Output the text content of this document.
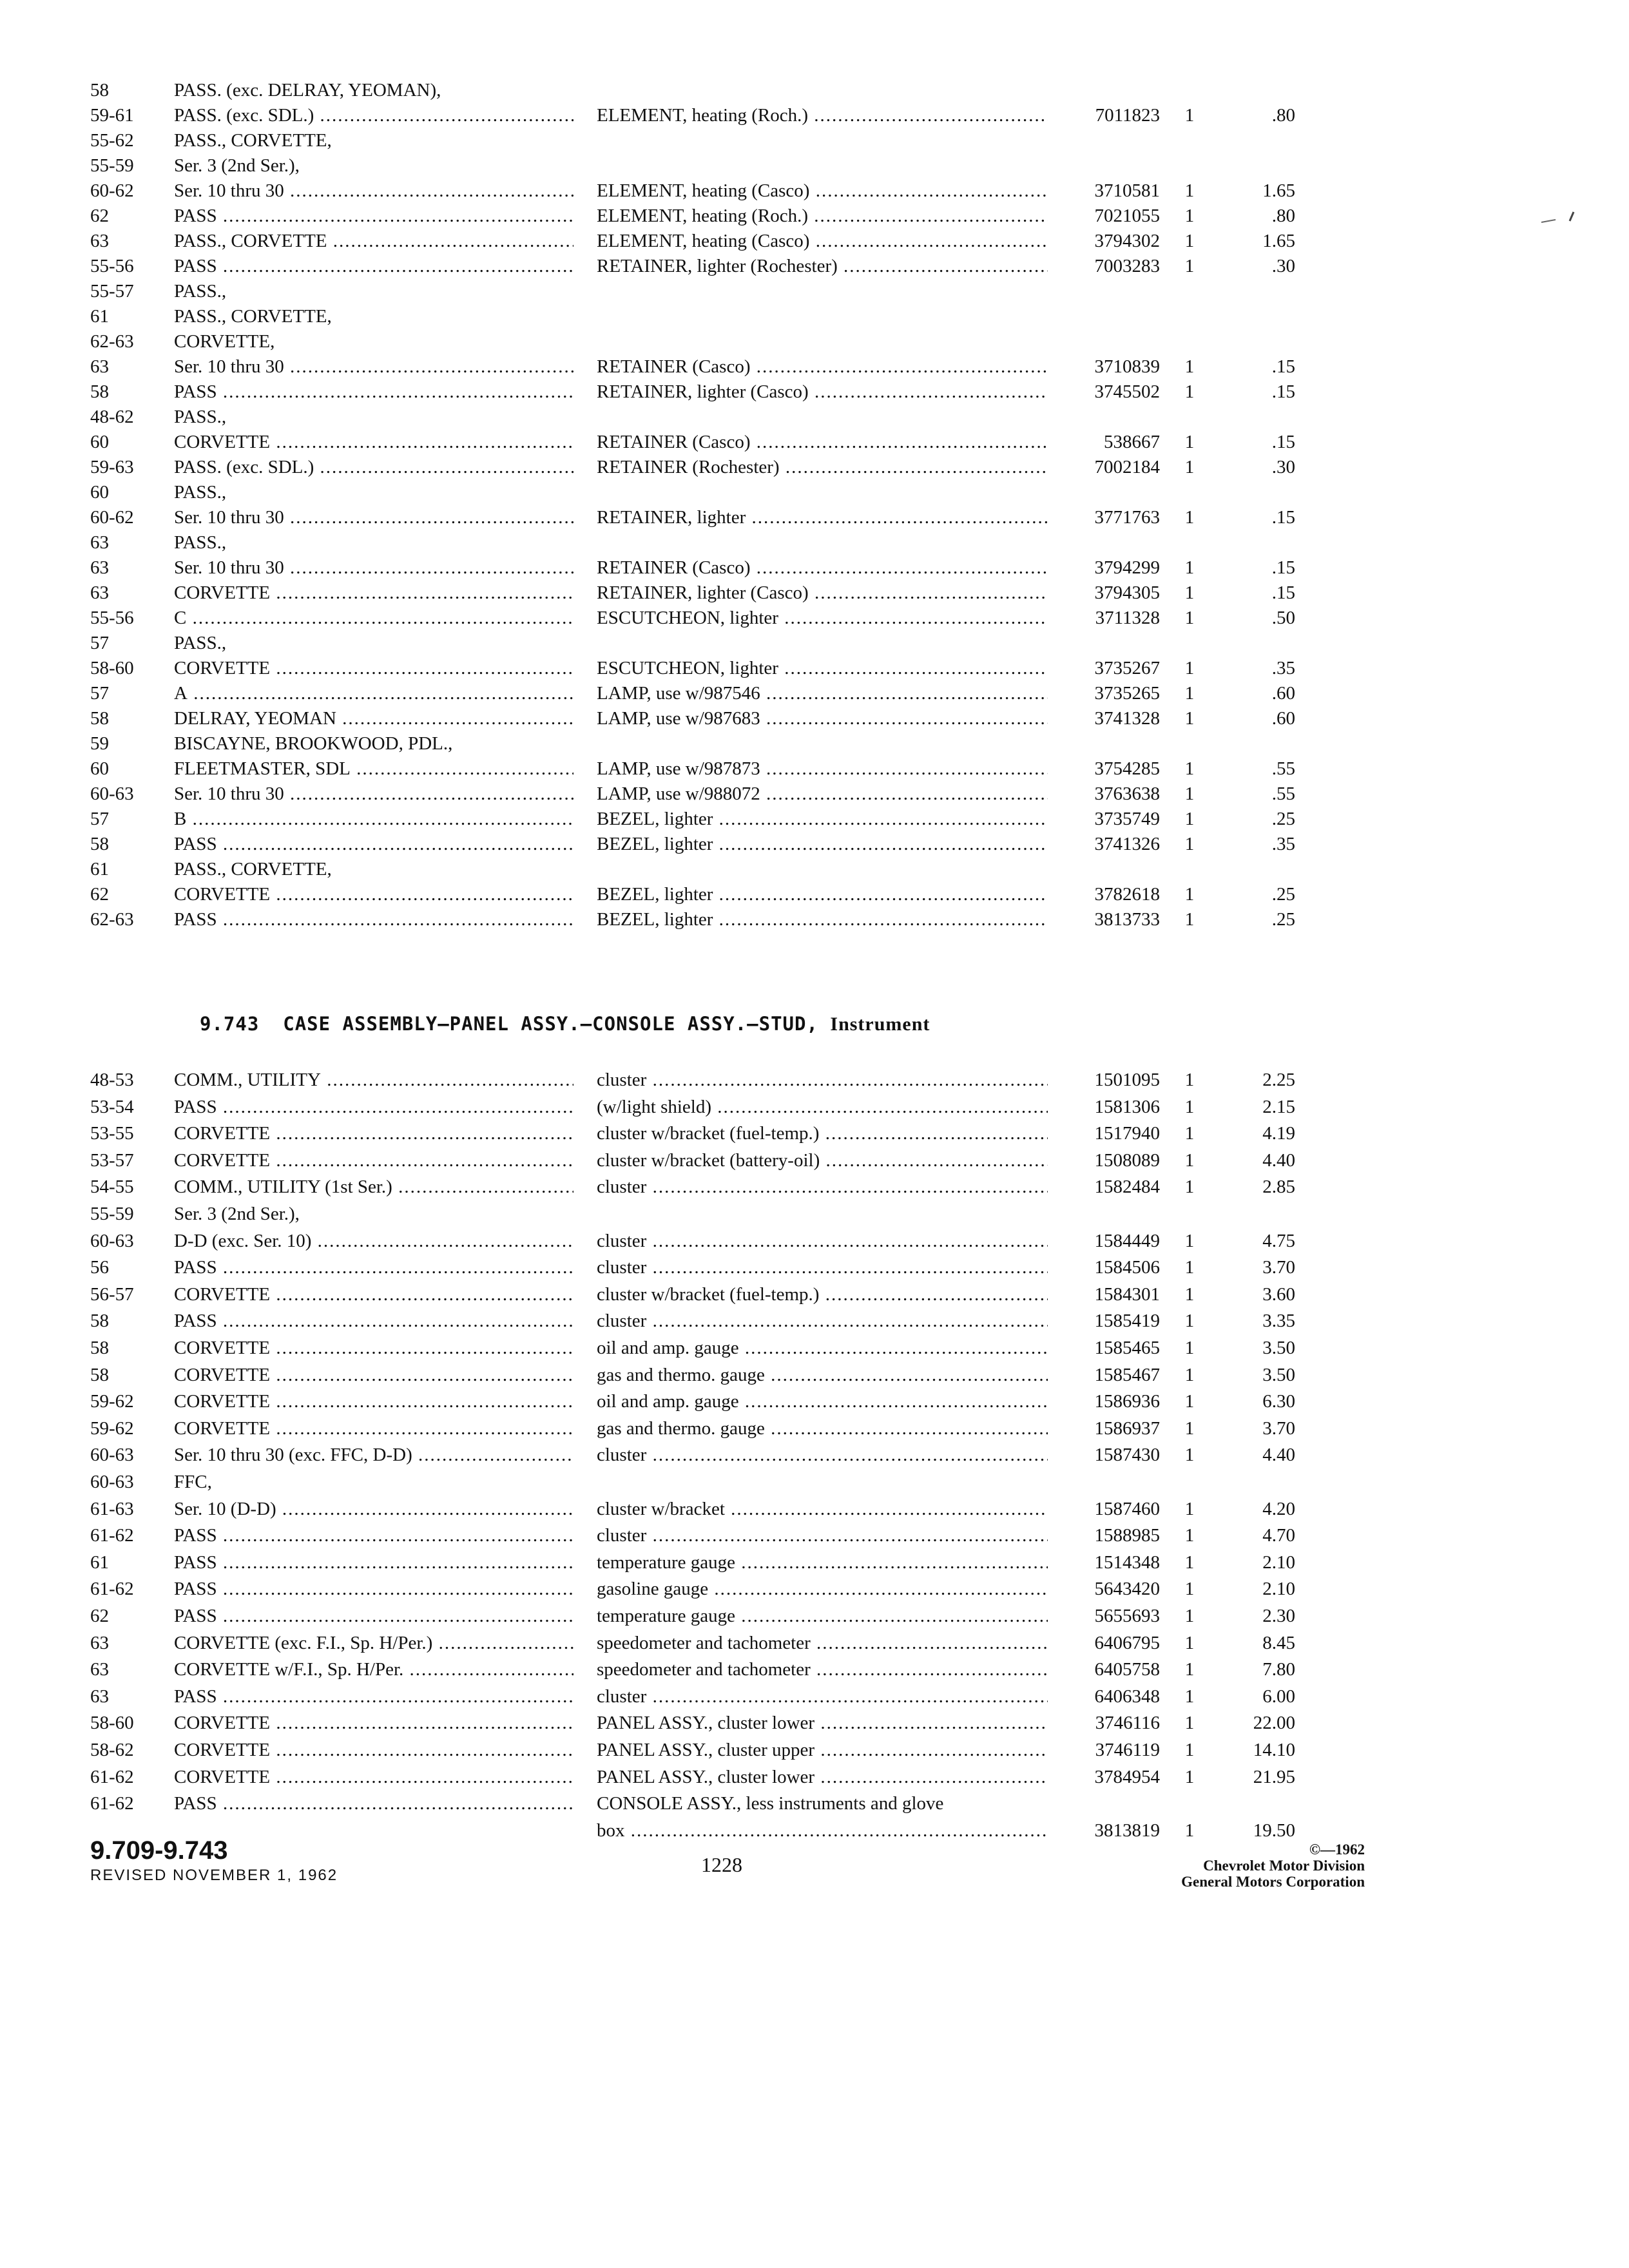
58	PASS. (exc. DELRAY, YEOMAN),
59-61	PASS. (exc. SDL.) .....	ELEMENT, heating (Roch.) .....	7011823	1	.80
55-62	PASS., CORVETTE,
55-59	Ser. 3 (2nd Ser.),
60-62	Ser. 10 thru 30 .....	ELEMENT, heating (Casco) .....	3710581	1	1.65
62	PASS .....	ELEMENT, heating (Roch.) .....	7021055	1	.80
63	PASS., CORVETTE .....	ELEMENT, heating (Casco) .....	3794302	1	1.65
55-56	PASS .....	RETAINER, lighter (Rochester) .....	7003283	1	.30
55-57	PASS.,
61	PASS., CORVETTE,
62-63	CORVETTE,
63	Ser. 10 thru 30 .....	RETAINER (Casco) .....	3710839	1	.15
58	PASS .....	RETAINER, lighter (Casco) .....	3745502	1	.15
48-62	PASS.,
60	CORVETTE .....	RETAINER (Casco) .....	538667	1	.15
59-63	PASS. (exc. SDL.) .....	RETAINER (Rochester) .....	7002184	1	.30
60	PASS.,
60-62	Ser. 10 thru 30 .....	RETAINER, lighter .....	3771763	1	.15
63	PASS.,
63	Ser. 10 thru 30 .....	RETAINER (Casco) .....	3794299	1	.15
63	CORVETTE .....	RETAINER, lighter (Casco) .....	3794305	1	.15
55-56	C .....	ESCUTCHEON, lighter .....	3711328	1	.50
57	PASS.,
58-60	CORVETTE .....	ESCUTCHEON, lighter .....	3735267	1	.35
57	A .....	LAMP, use w/987546 .....	3735265	1	.60
58	DELRAY, YEOMAN .....	LAMP, use w/987683 .....	3741328	1	.60
59	BISCAYNE, BROOKWOOD, PDL.,
60	FLEETMASTER, SDL .....	LAMP, use w/987873 .....	3754285	1	.55
60-63	Ser. 10 thru 30 .....	LAMP, use w/988072 .....	3763638	1	.55
57	B .....	BEZEL, lighter .....	3735749	1	.25
58	PASS .....	BEZEL, lighter .....	3741326	1	.35
61	PASS., CORVETTE,
62	CORVETTE .....	BEZEL, lighter .....	3782618	1	.25
62-63	PASS .....	BEZEL, lighter .....	3813733	1	.25
9.743 CASE ASSEMBLY—PANEL ASSY.—CONSOLE ASSY.—STUD, Instrument
48-53	COMM., UTILITY .....	cluster .....	1501095	1	2.25
53-54	PASS .....	(w/light shield) .....	1581306	1	2.15
53-55	CORVETTE .....	cluster w/bracket (fuel-temp.) .....	1517940	1	4.19
53-57	CORVETTE .....	cluster w/bracket (battery-oil) .....	1508089	1	4.40
54-55	COMM., UTILITY (1st Ser.) .....	cluster .....	1582484	1	2.85
55-59	Ser. 3 (2nd Ser.),
60-63	D-D (exc. Ser. 10) .....	cluster .....	1584449	1	4.75
56	PASS .....	cluster .....	1584506	1	3.70
56-57	CORVETTE .....	cluster w/bracket (fuel-temp.) .....	1584301	1	3.60
58	PASS .....	cluster .....	1585419	1	3.35
58	CORVETTE .....	oil and amp. gauge .....	1585465	1	3.50
58	CORVETTE .....	gas and thermo. gauge .....	1585467	1	3.50
59-62	CORVETTE .....	oil and amp. gauge .....	1586936	1	6.30
59-62	CORVETTE .....	gas and thermo. gauge .....	1586937	1	3.70
60-63	Ser. 10 thru 30 (exc. FFC, D-D) .....	cluster .....	1587430	1	4.40
60-63	FFC,
61-63	Ser. 10 (D-D) .....	cluster w/bracket .....	1587460	1	4.20
61-62	PASS .....	cluster .....	1588985	1	4.70
61	PASS .....	temperature gauge .....	1514348	1	2.10
61-62	PASS .....	gasoline gauge .....	5643420	1	2.10
62	PASS .....	temperature gauge .....	5655693	1	2.30
63	CORVETTE (exc. F.I., Sp. H/Per.) .....	speedometer and tachometer .....	6406795	1	8.45
63	CORVETTE w/F.I., Sp. H/Per. .....	speedometer and tachometer .....	6405758	1	7.80
63	PASS .....	cluster .....	6406348	1	6.00
58-60	CORVETTE .....	PANEL ASSY., cluster lower .....	3746116	1	22.00
58-62	CORVETTE .....	PANEL ASSY., cluster upper .....	3746119	1	14.10
61-62	CORVETTE .....	PANEL ASSY., cluster lower .....	3784954	1	21.95
61-62	PASS .....	CONSOLE ASSY., less instruments and glove
box .....	3813819	1	19.50
9.709-9.743
REVISED NOVEMBER 1, 1962	1228
©—1962
Chevrolet Motor Division
General Motors Corporation
